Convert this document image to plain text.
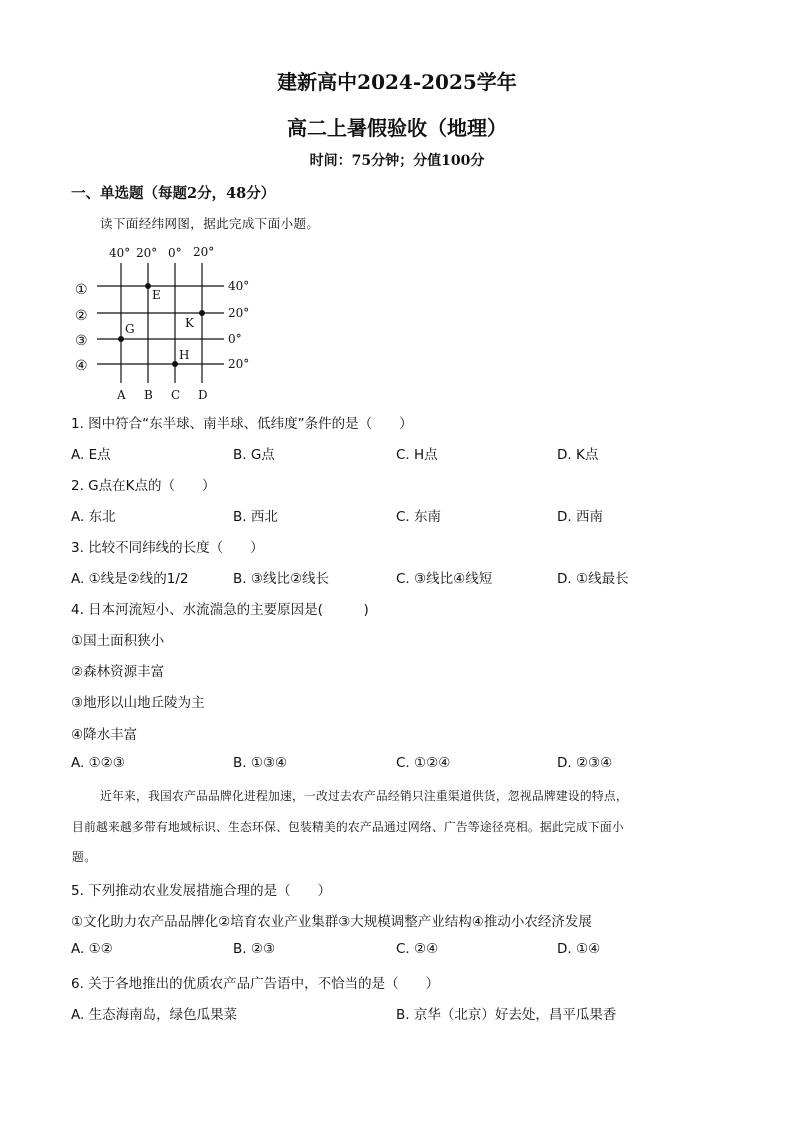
建新高中2024-2025学年
高二上暑假验收（地理）
时间：75分钟；分值100分
一、单选题（每题2分，48分）
读下面经纬网图，据此完成下面小题。
E
G	K
H
40° 20° 0° 20°
40°
20°
0°
20°
①
②
③
④
A B C D
1. 图中符合“东半球、南半球、低纬度”条件的是（　　）
A. E点	B. G点	C. H点	D. K点
2. G点在K点的（　　）
A. 东北	B. 西北	C. 东南	D. 西南
3. 比较不同纬线的长度（　　）
A. ①线是②线的1/2	B. ③线比②线长	C. ③线比④线短	D. ①线最长
4. 日本河流短小、水流湍急的主要原因是(　　　)
①国土面积狭小
②森林资源丰富
③地形以山地丘陵为主
④降水丰富
A. ①②③	B. ①③④	C. ①②④	D. ②③④
近年来，我国农产品品牌化进程加速，一改过去农产品经销只注重渠道供货，忽视品牌建设的特点，
目前越来越多带有地域标识、生态环保、包装精美的农产品通过网络、广告等途径亮相。据此完成下面小
题。
5. 下列推动农业发展措施合理的是（　　）
①文化助力农产品品牌化②培育农业产业集群③大规模调整产业结构④推动小农经济发展
A. ①②	B. ②③	C. ②④	D. ①④
6. 关于各地推出的优质农产品广告语中，不恰当的是（　　）
A. 生态海南岛，绿色瓜果菜	B. 京华（北京）好去处，昌平瓜果香
